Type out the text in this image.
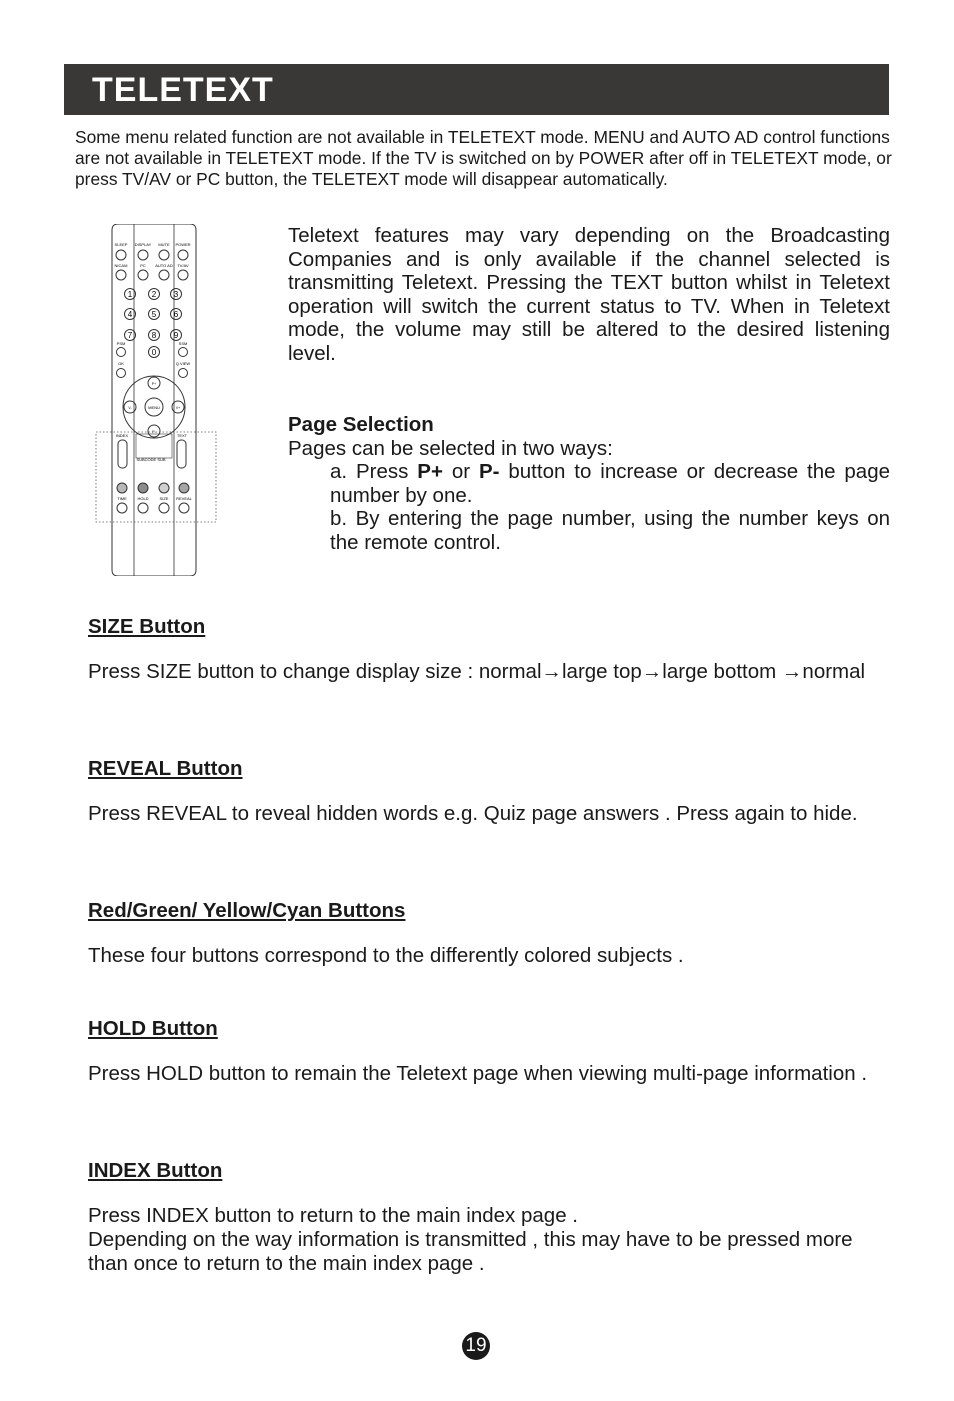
TELETEXT

Some menu related function are not available in TELETEXT mode. MENU and AUTO AD control functions are not available in TELETEXT mode. If the TV is switched on by POWER after off in TELETEXT mode, or press TV/AV or PC button, the TELETEXT mode will disappear automatically.

SLEEP DISPLAY MUTE POWER
NICAM	PC AUTO AD TV/AV
1 2 3
4 5 6
7 8 9
0
PSM	SSM
OK	Q.VIEW
MENU
P+
P-
V-	V+
INDEX	TEXT
SUBCODE SUB
TIME	HOLD	SIZE REVEAL

Teletext features may vary depending on the Broadcasting Companies and is only available if the channel selected is transmitting Teletext. Pressing the TEXT button whilst in Teletext operation will switch the current status to TV. When in Teletext mode, the volume may still be altered to the desired listening level.

Page Selection

Pages can be selected in two ways:

a. Press P+ or P- button to increase or decrease the page number by one.

b. By entering the page number, using the number keys on the remote control.

SIZE Button

Press SIZE button to change display size : normal→large top→large bottom →normal

REVEAL Button

Press REVEAL to reveal hidden words e.g. Quiz page answers . Press again to hide.

Red/Green/ Yellow/Cyan Buttons

These four buttons correspond to the differently colored subjects .

HOLD Button

Press HOLD button to remain the Teletext page when viewing multi-page information .

INDEX Button

Press INDEX button to return to the main index page .

Depending on the way information is transmitted , this may have to be pressed more than once to return to the main index page .

19
